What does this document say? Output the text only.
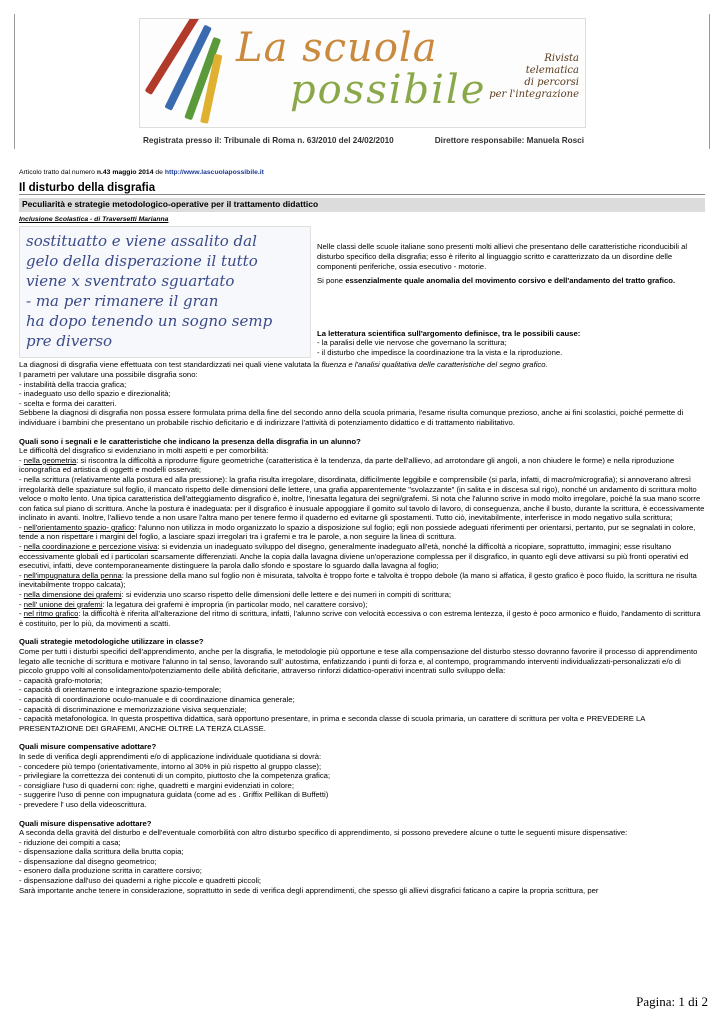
La scuola
possibile
Rivista
telematica
di percorsi
per l'integrazione
Registrata presso il: Tribunale di Roma n. 63/2010 del 24/02/2010	Direttore responsabile: Manuela Rosci
Articolo tratto dal numero n.43 maggio 2014 de http://www.lascuolapossibile.it
Il disturbo della disgrafia
Peculiarità e strategie metodologico-operative per il trattamento didattico
Inclusione Scolastica - di Traversetti Marianna
sostituatto e viene assalito dal
gelo della disperazione il tutto
viene x sventrato sguartato
- ma per rimanere il gran
ha dopo tenendo un sogno semp
pre diverso

Nelle classi delle scuole italiane sono presenti molti allievi che presentano delle caratteristiche riconducibili al disturbo specifico della disgrafia; esso è riferito al linguaggio scritto e caratterizzato da un disordine delle componenti periferiche, ossia esecutivo - motorie.

Si pone essenzialmente quale anomalia del movimento corsivo e dell'andamento del tratto grafico.

La letteratura scientifica sull'argomento definisce, tra le possibili cause:

- la paralisi delle vie nervose che governano la scrittura;

- il disturbo che impedisce la coordinazione tra la vista e la riproduzione.

La diagnosi di disgrafia viene effettuata con test standardizzati nei quali viene valutata la fluenza e l'analisi qualitativa delle caratteristiche del segno grafico.

I parametri per valutare una possibile disgrafia sono:

- instabilità della traccia grafica;

- inadeguato uso dello spazio e direzionalità;

- scelta e forma dei caratteri.

Sebbene la diagnosi di disgrafia non possa essere formulata prima della fine del secondo anno della scuola primaria, l'esame risulta comunque prezioso, anche ai fini scolastici, poiché permette di individuare i bambini che presentano un probabile rischio deficitario e di indirizzare l'attività di potenziamento didattico e di trattamento riabilitativo.

Quali sono i segnali e le caratteristiche che indicano la presenza della disgrafia in un alunno?

Le difficoltà del disgrafico si evidenziano in molti aspetti e per comorbilità:

- nella geometria: si riscontra la difficoltà a riprodurre figure geometriche (caratteristica è la tendenza, da parte dell'allievo, ad arrotondare gli angoli, a non chiudere le forme) e nella riproduzione iconografica ed artistica di oggetti e modelli osservati;

- nella scrittura (relativamente alla postura ed alla pressione): la grafia risulta irregolare, disordinata, difficilmente leggibile e comprensibile (si parla, infatti, di macro/micrografia); si annoverano altresì irregolarità delle spaziature sul foglio, il mancato rispetto delle dimensioni delle lettere, una grafia apparentemente "svolazzante" (in salita e in discesa sul rigo), nonché un andamento di scrittura molto veloce o molto lento. Una tipica caratteristica dell'atteggiamento disgrafico è, inoltre, l'inesatta legatura dei segni/grafemi. Si nota che l'alunno scrive in modo molto irregolare, poiché la sua mano scorre con fatica sul piano di scrittura. Anche la postura è inadeguata: per il disgrafico è inusuale appoggiare il gomito sul tavolo di lavoro, di conseguenza, anche il busto, durante la scrittura, è eccessivamente inclinato in avanti. Inoltre, l'allievo tende a non usare l'altra mano per tenere fermo il quaderno ed evitarne gli spostamenti. Tutto ciò, inevitabilmente, interferisce in modo negativo sulla scrittura;

- nell'orientamento spazio- grafico: l'alunno non utilizza in modo organizzato lo spazio a disposizione sul foglio; egli non possiede adeguati riferimenti per orientarsi, pertanto, pur se segnalati in colore, tende a non rispettare i margini del foglio, a lasciare spazi irregolari tra i grafemi e tra le parole, a non seguire la linea di scrittura.

- nella coordinazione e percezione visiva: si evidenzia un inadeguato sviluppo del disegno, generalmente inadeguato all'età, nonché la difficoltà a ricopiare, soprattutto, immagini; esse risultano eccessivamente globali ed i particolari scarsamente differenziati. Anche la copia dalla lavagna diviene un'operazione complessa per il disgrafico, in quanto egli deve attivarsi su più fronti operativi ed esecutivi, infatti, deve contemporaneamente distinguere la parola dallo sfondo e spostare lo sguardo dalla lavagna al foglio;

- nell'impugnatura della penna: la pressione della mano sul foglio non è misurata, talvolta è troppo forte e talvolta è troppo debole (la mano si affatica, il gesto grafico è poco fluido, la scrittura ne risulta inevitabilmente troppo calcata);

- nella dimensione dei grafemi: si evidenzia uno scarso rispetto delle dimensioni delle lettere e dei numeri in compiti di scrittura;

- nell' unione dei grafemi: la legatura dei grafemi è impropria (in particolar modo, nel carattere corsivo);

- nel ritmo grafico: la difficoltà è riferita all'alterazione del ritmo di scrittura, infatti, l'alunno scrive con velocità eccessiva o con estrema lentezza, il gesto è poco armonico e fluido, l'andamento di scrittura è costituito, per lo più, da movimenti a scatti.

Quali strategie metodologiche utilizzare in classe?

Come per tutti i disturbi specifici dell'apprendimento, anche per la disgrafia, le metodologie più opportune e tese alla compensazione del disturbo stesso dovranno favorire il processo di apprendimento legato alle tecniche di scrittura e motivare l'alunno in tal senso, lavorando sull' autostima, enfatizzando i punti di forza e, al contempo, programmando interventi individualizzati-personalizzati e/o di piccolo gruppo volti al consolidamento/potenziamento delle abilità deficitarie, attraverso rinforzi didattico-operativi incentrati sullo sviluppo della:

- capacità grafo-motoria;

- capacità di orientamento e integrazione spazio-temporale;

- capacità di coordinazione oculo-manuale e di coordinazione dinamica generale;

- capacità di discriminazione e memorizzazione visiva sequenziale;

- capacità metafonologica. In questa prospettiva didattica, sarà opportuno presentare, in prima e seconda classe di scuola primaria, un carattere di scrittura per volta e PREVEDERE LA PRESENTAZIONE DEI GRAFEMI, ANCHE OLTRE LA TERZA CLASSE.

Quali misure compensative adottare?

In sede di verifica degli apprendimenti e/o di applicazione individuale quotidiana si dovrà:

- concedere più tempo (orientativamente, intorno al 30% in più rispetto al gruppo classe);

- privilegiare la correttezza dei contenuti di un compito, piuttosto che la competenza grafica;

- consigliare l'uso di quaderni con: righe, quadretti e margini evidenziati in colore;

- suggerire l'uso di penne con impugnatura guidata (come ad es . Griffix Pellikan di Buffetti)

- prevedere l' uso della videoscrittura.

Quali misure dispensative adottare?

A seconda della gravità del disturbo e dell'eventuale comorbilità con altro disturbo specifico di apprendimento, si possono prevedere alcune o tutte le seguenti misure dispensative:

- riduzione dei compiti a casa;

- dispensazione dalla scrittura della brutta copia;

- dispensazione dal disegno geometrico;

- esonero dalla produzione scritta in carattere corsivo;

- dispensazione dall'uso dei quaderni a righe piccole e quadretti piccoli;

Sarà importante anche tenere in considerazione, soprattutto in sede di verifica degli apprendimenti, che spesso gli allievi disgrafici faticano a capire la propria scrittura, per

Pagina: 1 di 2
